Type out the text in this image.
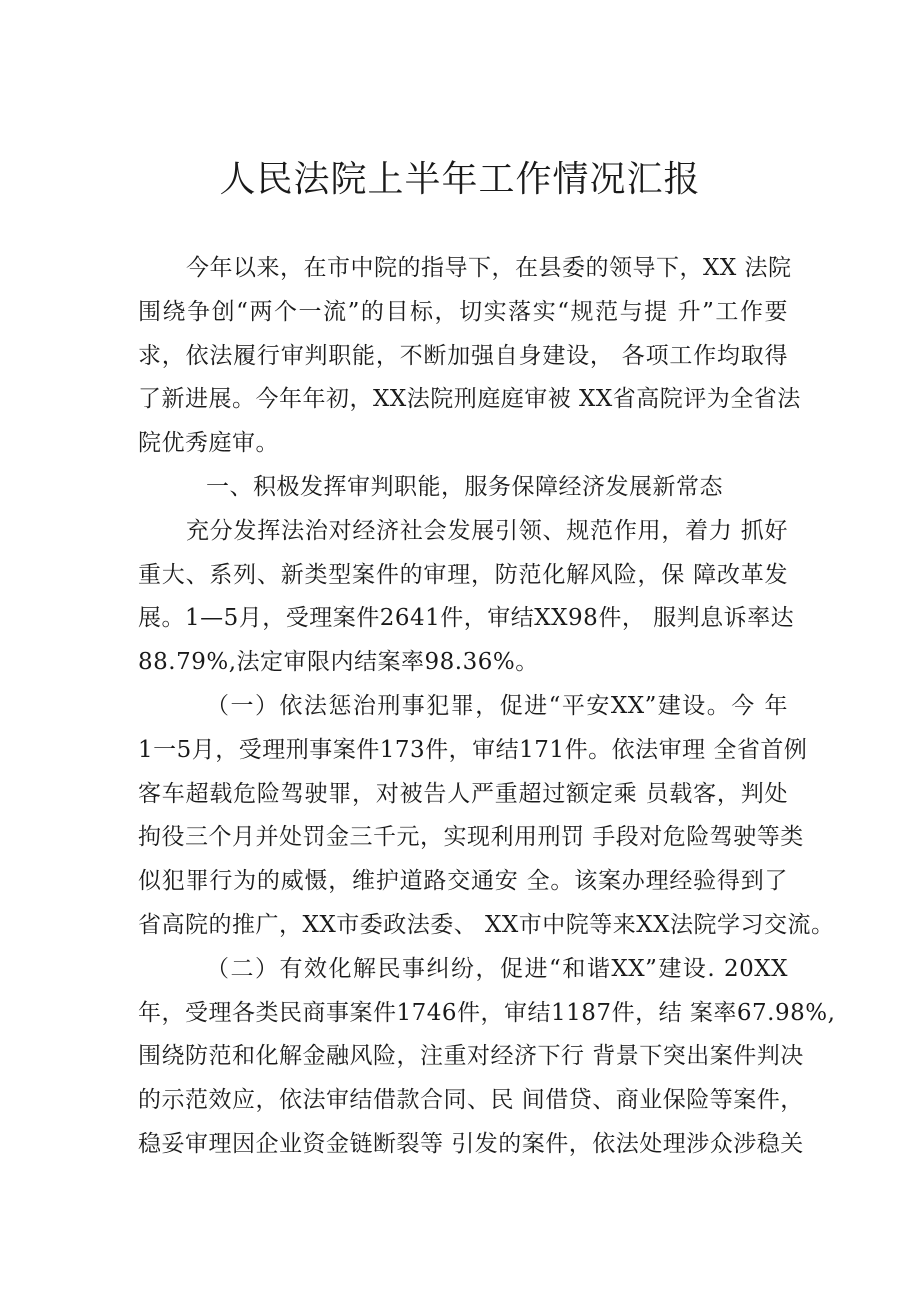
人民法院上半年工作情况汇报
今年以来，在市中院的指导下，在县委的领导下，XX 法院
围绕争创“两个一流”的目标，切实落实“规范与提 升”工作要
求，依法履行审判职能，不断加强自身建设， 各项工作均取得
了新进展。今年年初，XX法院刑庭庭审被 XX省高院评为全省法
院优秀庭审。
一、积极发挥审判职能，服务保障经济发展新常态
充分发挥法治对经济社会发展引领、规范作用，着力 抓好
重大、系列、新类型案件的审理，防范化解风险，保 障改革发
展。1—5月，受理案件2641件，审结XX98件， 服判息诉率达
88.79%,法定审限内结案率98.36%。
（一）依法惩治刑事犯罪，促进“平安XX”建设。今 年
1一5月，受理刑事案件173件，审结171件。依法审理 全省首例
客车超载危险驾驶罪，对被告人严重超过额定乘 员载客，判处
拘役三个月并处罚金三千元，实现利用刑罚 手段对危险驾驶等类
似犯罪行为的威慑，维护道路交通安 全。该案办理经验得到了
省高院的推广，XX市委政法委、 XX市中院等来XX法院学习交流。
（二）有效化解民事纠纷，促进“和谐XX”建设. 20XX
年，受理各类民商事案件1746件，审结1187件，结 案率67.98%,
围绕防范和化解金融风险，注重对经济下行 背景下突出案件判决
的示范效应，依法审结借款合同、民 间借贷、商业保险等案件，
稳妥审理因企业资金链断裂等 引发的案件，依法处理涉众涉稳关
